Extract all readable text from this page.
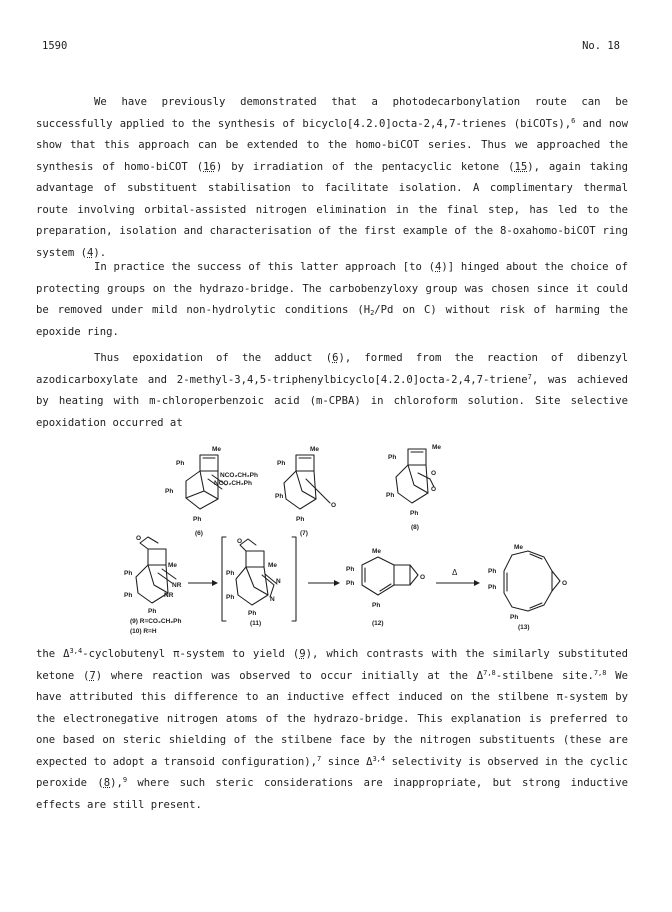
1590	No. 18

We have previously demonstrated that a photodecarbonylation route can be successfully applied to the synthesis of bicyclo[4.2.0]octa-2,4,7-trienes (biCOTs),$^6$ and now show that this approach can be extended to the homo-biCOT series. Thus we approached the synthesis of homo-biCOT (16) by irradiation of the pentacyclic ketone (15), again taking advantage of substituent stabilisation to facilitate isolation. A complimentary thermal route involving orbital-assisted nitrogen elimination in the final step, has led to the preparation, isolation and characterisation of the first example of the 8-oxahomo-biCOT ring system (4).

In practice the success of this latter approach [to (4)] hinged about the choice of protecting groups on the hydrazo-bridge. The carbobenzyloxy group was chosen since it could be removed under mild non-hydrolytic conditions ($H_2/Pd$ on C) without risk of harming the epoxide ring.

Thus epoxidation of the adduct (6), formed from the reaction of dibenzyl azodicarboxylate and 2-methyl-3,4,5-triphenylbicyclo[4.2.0]octa-2,4,7-triene$^7$, was achieved by heating with m-chloroperbenzoic acid (m-CPBA) in chloroform solution. Site selective epoxidation occurred at

Ph
Me
NCO₂CH₂Ph
NCO₂CH₂Ph
Ph
Ph
(6)
Ph
Me
O
Ph
Ph
(7)
Ph
Me
O
O
Ph
Ph
(8)
O
Me
NR
NR
Ph
Ph
Ph
(9) R=CO₂CH₂Ph
(10) R=H
O
Me
N
N
Ph
Ph
Ph
(11)
Me
O
Ph
Ph
Ph
(12)
Δ
Me
O
Ph
Ph
Ph
(13)

the Δ$^{3,4}$-cyclobutenyl π-system to yield (9), which contrasts with the similarly substituted ketone (7) where reaction was observed to occur initially at the Δ$^{7,8}$-stilbene site.$^{7,8}$ We have attributed this difference to an inductive effect induced on the stilbene π-system by the electronegative nitrogen atoms of the hydrazo-bridge. This explanation is preferred to one based on steric shielding of the stilbene face by the nitrogen substituents (these are expected to adopt a transoid configuration),$^7$ since Δ$^{3,4}$ selectivity is observed in the cyclic peroxide (8),$^9$ where such steric considerations are inappropriate, but strong inductive effects are still present.
